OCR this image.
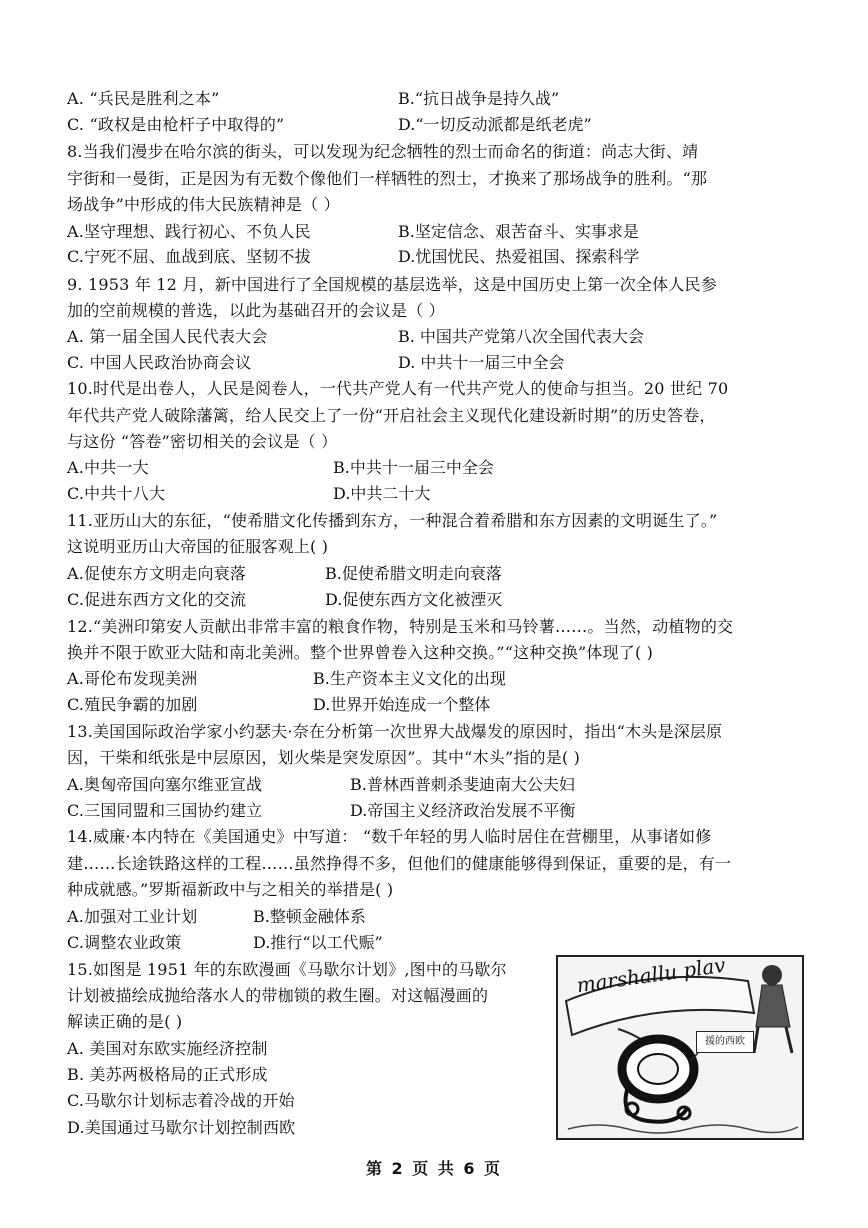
A. “兵民是胜利之本”	B.“抗日战争是持久战”
C. “政权是由枪杆子中取得的”	D.“一切反动派都是纸老虎”
8.当我们漫步在哈尔滨的街头，可以发现为纪念牺牲的烈士而命名的街道：尚志大街、靖
宇街和一曼街，正是因为有无数个像他们一样牺牲的烈士，才换来了那场战争的胜利。“那
场战争”中形成的伟大民族精神是（ ）
A.坚守理想、践行初心、不负人民	B.坚定信念、艰苦奋斗、实事求是
C.宁死不屈、血战到底、坚韧不拔	D.忧国忧民、热爱祖国、探索科学
9. 1953 年 12 月，新中国进行了全国规模的基层选举，这是中国历史上第一次全体人民参
加的空前规模的普选，以此为基础召开的会议是（ ）
A. 第一届全国人民代表大会	B. 中国共产党第八次全国代表大会
C. 中国人民政治协商会议	D. 中共十一届三中全会
10.时代是出卷人，人民是阅卷人，一代共产党人有一代共产党人的使命与担当。20 世纪 70
年代共产党人破除藩篱，给人民交上了一份“开启社会主义现代化建设新时期”的历史答卷，
与这份 “答卷”密切相关的会议是（ ）
A.中共一大	B.中共十一届三中全会
C.中共十八大	D.中共二十大
11.亚历山大的东征，“使希腊文化传播到东方，一种混合着希腊和东方因素的文明诞生了。”
这说明亚历山大帝国的征服客观上( )
A.促使东方文明走向衰落	B.促使希腊文明走向衰落
C.促进东西方文化的交流	D.促使东西方文化被湮灭
12.“美洲印第安人贡献出非常丰富的粮食作物，特别是玉米和马铃薯……。当然，动植物的交
换并不限于欧亚大陆和南北美洲。整个世界曾卷入这种交换。”“这种交换”体现了( )
A.哥伦布发现美洲	B.生产资本主义文化的出现
C.殖民争霸的加剧	D.世界开始连成一个整体
13.美国国际政治学家小约瑟夫·奈在分析第一次世界大战爆发的原因时，指出“木头是深层原
因，干柴和纸张是中层原因，划火柴是突发原因”。其中“木头”指的是( )
A.奥匈帝国向塞尔维亚宣战	B.普林西普刺杀斐迪南大公夫妇
C.三国同盟和三国协约建立	D.帝国主义经济政治发展不平衡
14.威廉·本内特在《美国通史》中写道： “数千年轻的男人临时居住在营棚里，从事诸如修
建……长途铁路这样的工程……虽然挣得不多，但他们的健康能够得到保证，重要的是，有一
种成就感。”罗斯福新政中与之相关的举措是( )
A.加强对工业计划	B.整顿金融体系
C.调整农业政策	D.推行“以工代赈”
15.如图是 1951 年的东欧漫画《马歇尔计划》,图中的马歇尔
计划被描绘成抛给落水人的带枷锁的救生圈。对这幅漫画的
解读正确的是( )
A. 美国对东欧实施经济控制
B. 美苏两极格局的正式形成
C.马歇尔计划标志着冷战的开始
D.美国通过马歇尔计划控制西欧
marshallu plav
援的西欧
第 2 页 共 6 页
